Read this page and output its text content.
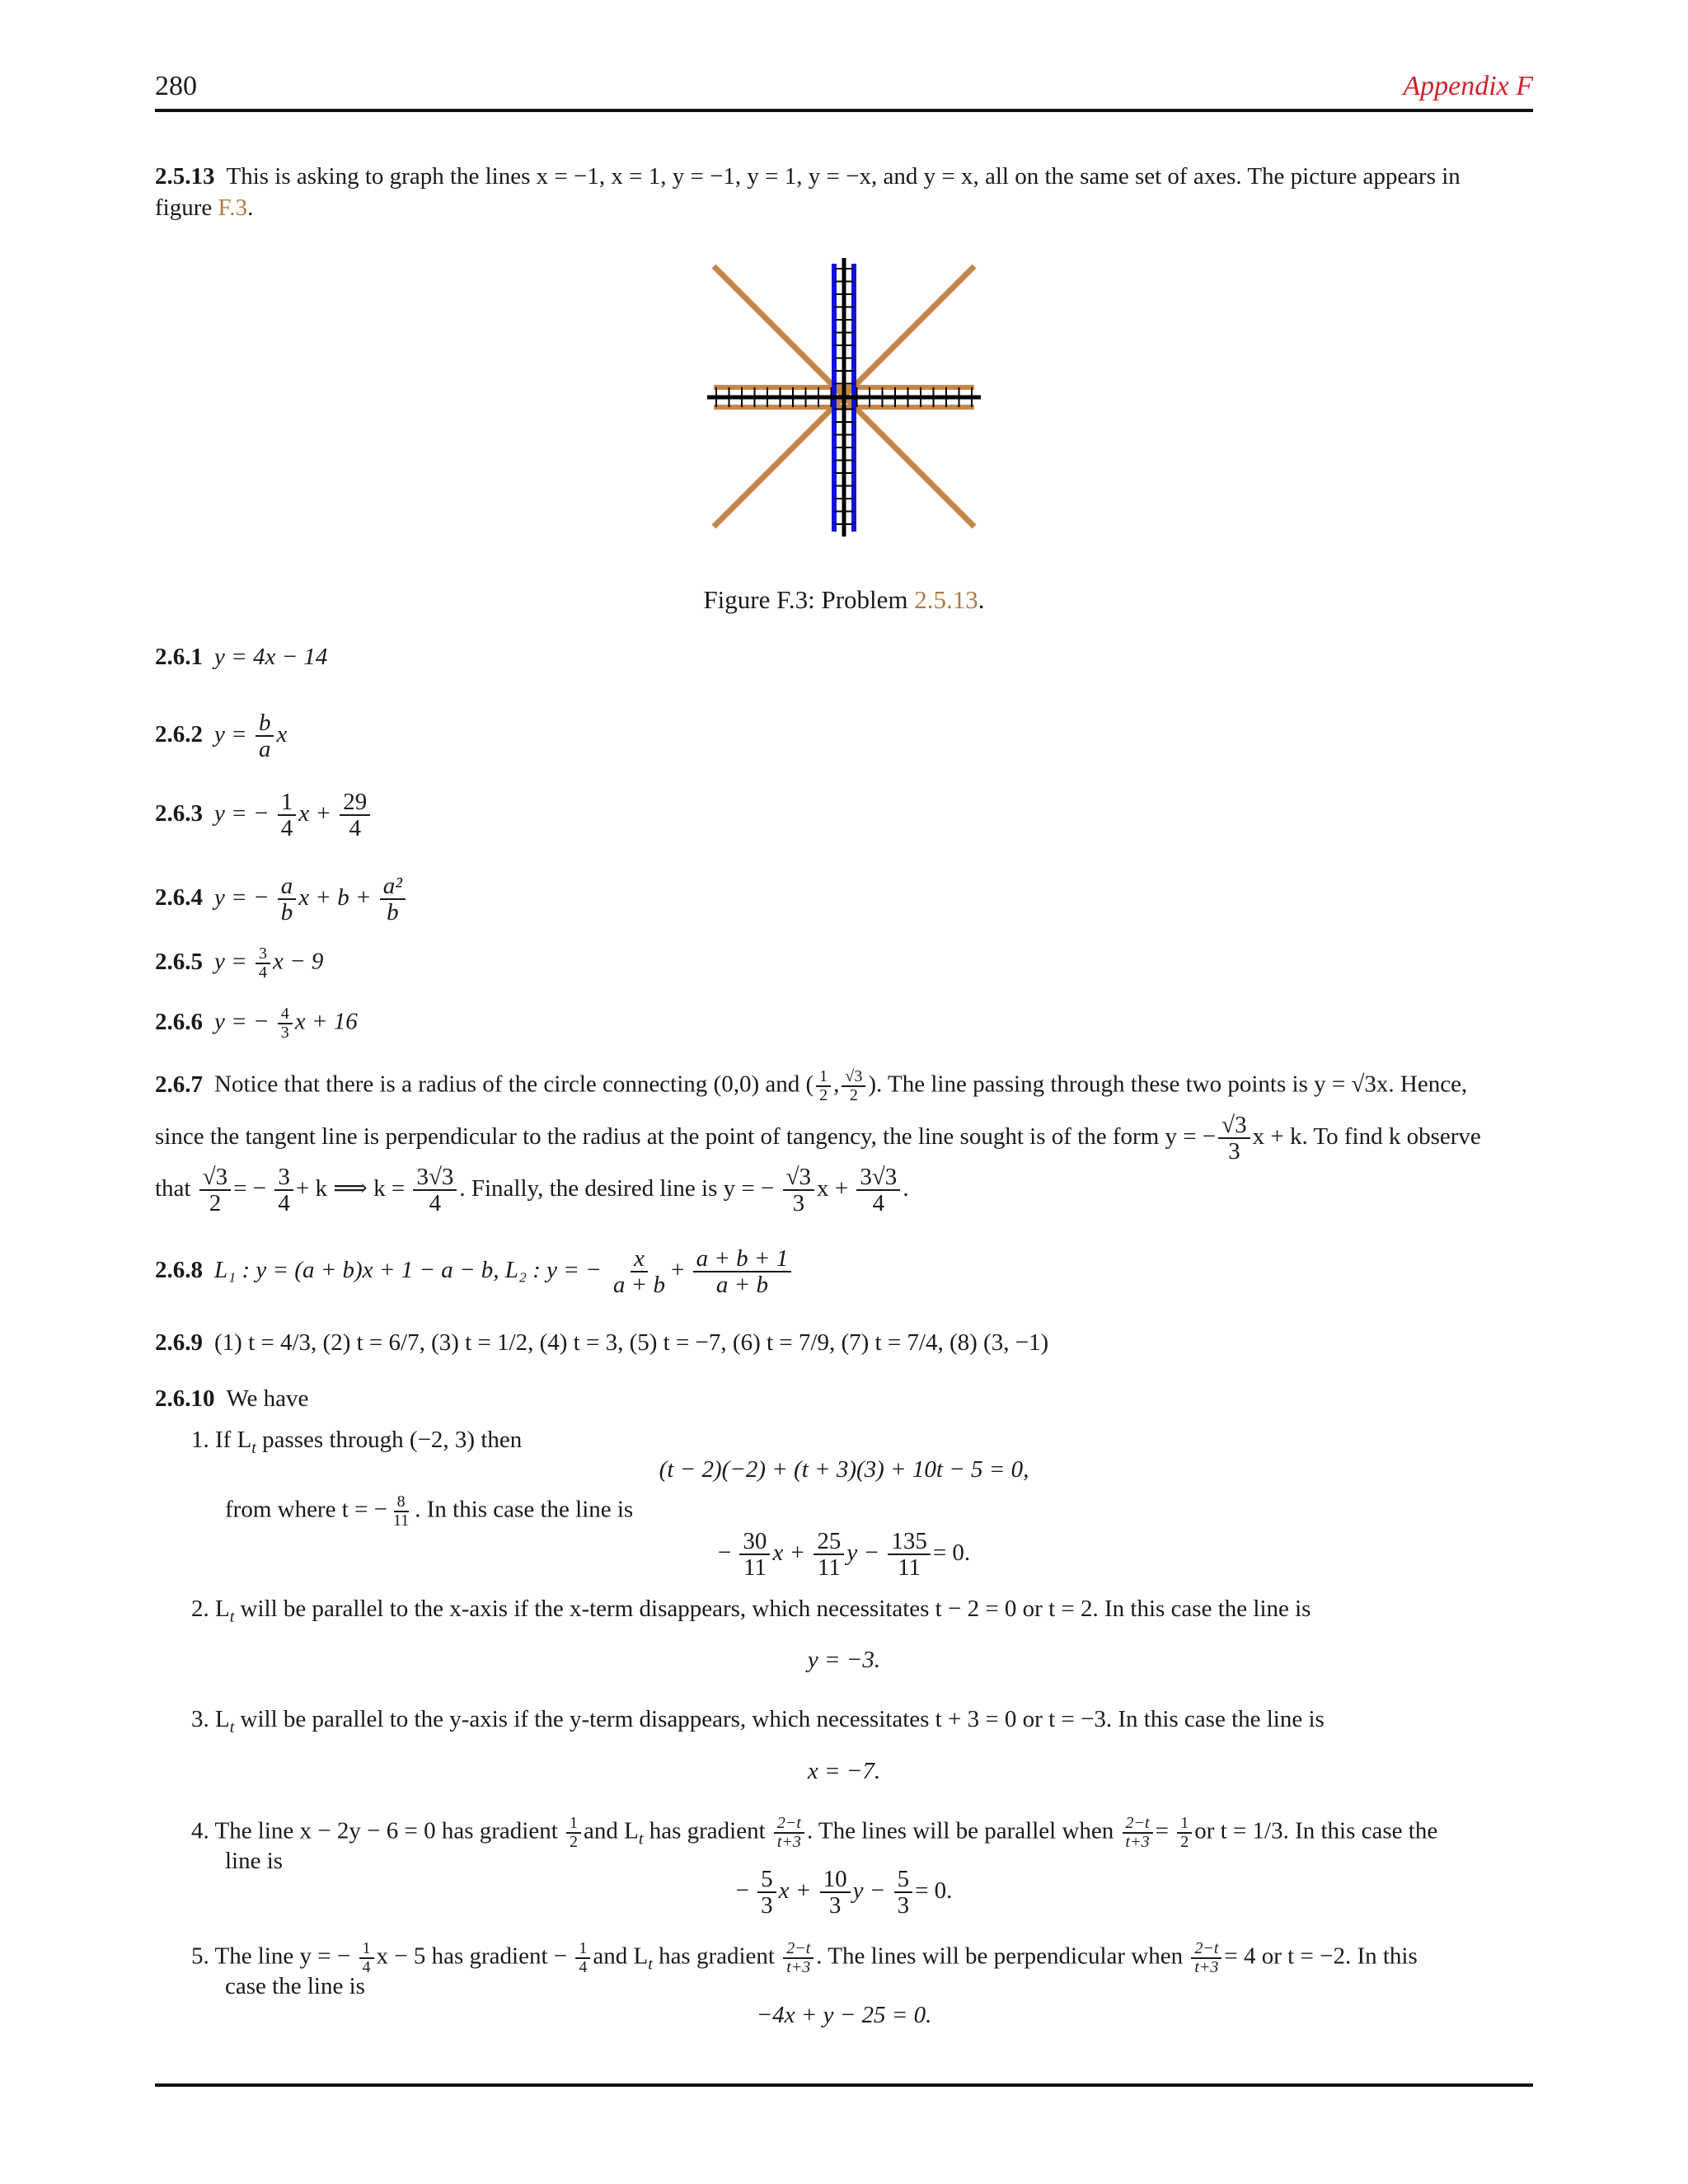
280	Appendix F
2.5.13 This is asking to graph the lines x = −1, x = 1, y = −1, y = 1, y = −x, and y = x, all on the same set of axes. The picture appears in
figure F.3.
Figure F.3: Problem 2.5.13.
2.6.1 y = 4x − 14
2.6.2 $y = \frac{b}{a}$ x
2.6.3 y = − $\frac{1}{4}$ $x + \frac{29}{4}$
2.6.4 y = − $\frac{a}{b}$ $x + b + \frac{\text{a²}}{b}$
2.6.5 $y = \frac{3}{4}$ x − 9
2.6.6 y = − $\frac{4}{3}$ x + 16
2.6.7 Notice that there is a radius of the circle connecting (0,0) and ( $\frac{1}{2}$ , $\frac{√3}{2}$ ). The line passing through these two points is y = √3x. Hence,
since the tangent line is perpendicular to the radius at the point of tangency, the line sought is of the form y = − $\frac{√3}{3}$ x + k. To find k observe
that $\frac{√3}{2}$ = − $\frac{3}{4} + k$ ⟹ $k = \frac{3√3}{4}$ . Finally, the desired line is y = − $\frac{√3}{3}$ $x + \frac{3√3}{4}$ .
2.6.8 L₁ : y = (a + b)x + 1 − a − b, L₂ : y = − $\frac{x}{a + b} + \frac{a + b + 1}{a + b}$
2.6.9 (1) t = 4/3, (2) t = 6/7, (3) t = 1/2, (4) t = 3, (5) t = −7, (6) t = 7/9, (7) t = 7/4, (8) (3, −1)
2.6.10 We have
1. If $L_t$ passes through (−2, 3) then
(t − 2)(−2) + (t + 3)(3) + 10t − 5 = 0,
from where t = − $\frac{8}{11}$ . In this case the line is
− $\frac{30}{11}$ $x + \frac{25}{11}$ $y - \frac{135}{11} = 0$.
2. $L_t$ will be parallel to the x-axis if the x-term disappears, which necessitates t − 2 = 0 or t = 2. In this case the line is
y = −3.
3. $L_t$ will be parallel to the y-axis if the y-term disappears, which necessitates t + 3 = 0 or t = −3. In this case the line is
x = −7.
4. The line x − 2y − 6 = 0 has gradient $\frac{1}{2}$ and $L_t$ has gradient $\frac{2-t}{t+3}$ . The lines will be parallel when $\frac{2-t}{t+3} = \frac{1}{2}$ or t = 1/3. In this case the
line is
− $\frac{5}{3}$ $x + \frac{10}{3}$ $y - \frac{5}{3} = 0$.
5. The line y = − $\frac{1}{4}$ x − 5 has gradient − $\frac{1}{4}$ and $L_t$ has gradient $\frac{2-t}{t+3}$ . The lines will be perpendicular when $\frac{2-t}{t+3} = 4$ or t = −2. In this
case the line is
−4x + y − 25 = 0.
